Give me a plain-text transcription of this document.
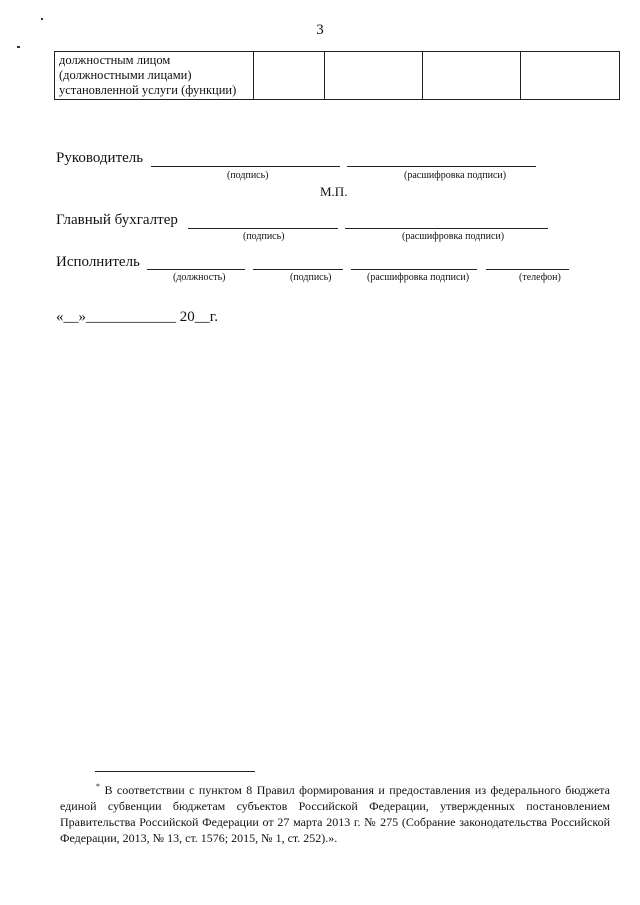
3
должностным лицом
(должностными лицами)
установленной услуги (функции)

Руководитель
(подпись)	(расшифровка подписи)
М.П.
Главный бухгалтер
(подпись)	(расшифровка подписи)
Исполнитель
(должность)	(подпись)	(расшифровка подписи)	(телефон)
«__»____________ 20__г.
* В соответствии с пунктом 8 Правил формирования и предоставления из федерального бюджета единой субвенции бюджетам субъектов Российской Федерации, утвержденных постановлением Правительства Российской Федерации от 27 марта 2013 г. № 275 (Собрание законодательства Российской Федерации, 2013, № 13, ст. 1576; 2015, № 1, ст. 252).».
